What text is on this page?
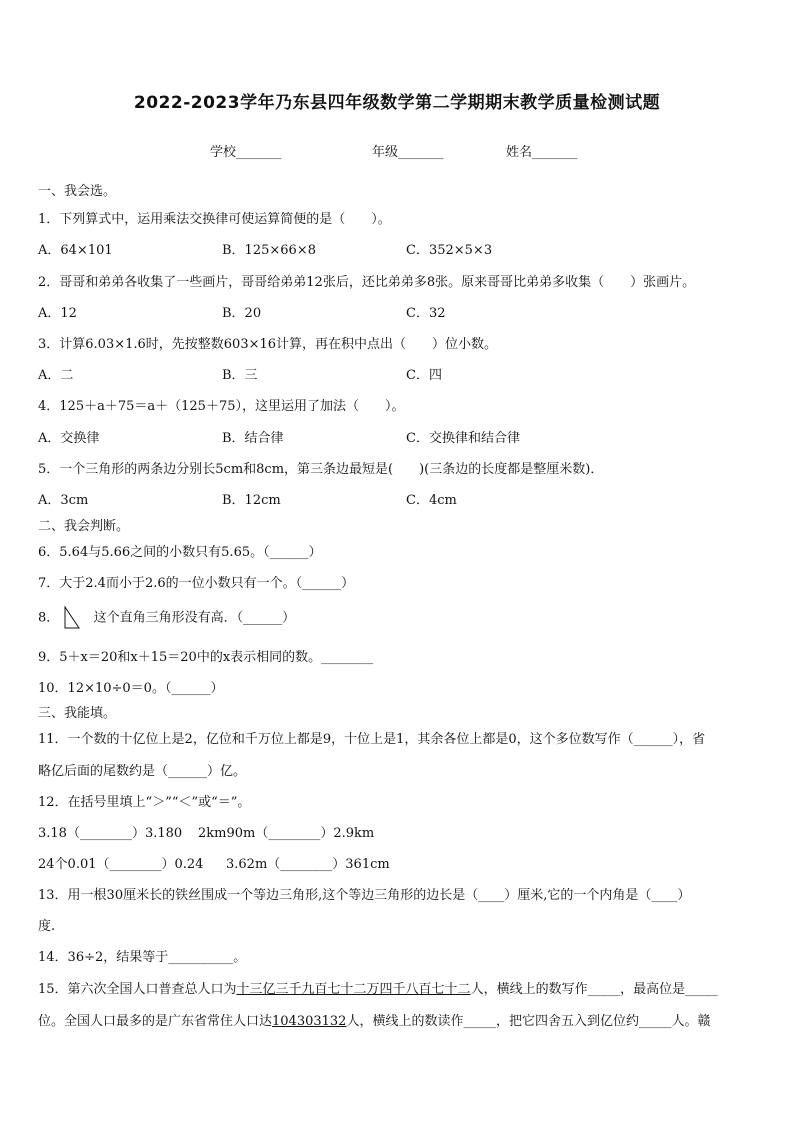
2022-2023学年乃东县四年级数学第二学期期末教学质量检测试题
学校_______	年级_______	姓名_______
一、我会选。
1．下列算式中，运用乘法交换律可使运算简便的是（　　）。
A．64×101	B．125×66×8	C．352×5×3
2．哥哥和弟弟各收集了一些画片，哥哥给弟弟12张后，还比弟弟多8张。原来哥哥比弟弟多收集（　　）张画片。
A．12	B．20	C．32
3．计算6.03×1.6时，先按整数603×16计算，再在积中点出（　　）位小数。
A．二	B．三	C．四
4．125＋a＋75＝a＋（125＋75），这里运用了加法（　　）。
A．交换律	B．结合律	C．交换律和结合律
5．一个三角形的两条边分别长5cm和8cm，第三条边最短是(　　)(三条边的长度都是整厘米数)．
A．3cm	B．12cm	C．4cm
二、我会判断。
6．5.64与5.66之间的小数只有5.65。（______）
7．大于2.4而小于2.6的一位小数只有一个。（______）
8．	这个直角三角形没有高．（______）
9．5＋x＝20和x＋15＝20中的x表示相同的数。________
10．12×10÷0＝0。（______）
三、我能填。
11．一个数的十亿位上是2，亿位和千万位上都是9，十位上是1，其余各位上都是0，这个多位数写作（______），省
略亿后面的尾数约是（______）亿。
12．在括号里填上“＞”“＜”或“＝”。
3.18（________）3.180 2km90m（________）2.9km
24个0.01（________）0.24 3.62m（________）361cm
13．用一根30厘米长的铁丝围成一个等边三角形,这个等边三角形的边长是（____）厘米,它的一个内角是（____）
度.
14．36÷2，结果等于__________。
15．第六次全国人口普查总人口为十三亿三千九百七十二万四千八百七十二人，横线上的数写作_____，最高位是_____
位。全国人口最多的是广东省常住人口达104303132人，横线上的数读作_____，把它四舍五入到亿位约_____人。赣
